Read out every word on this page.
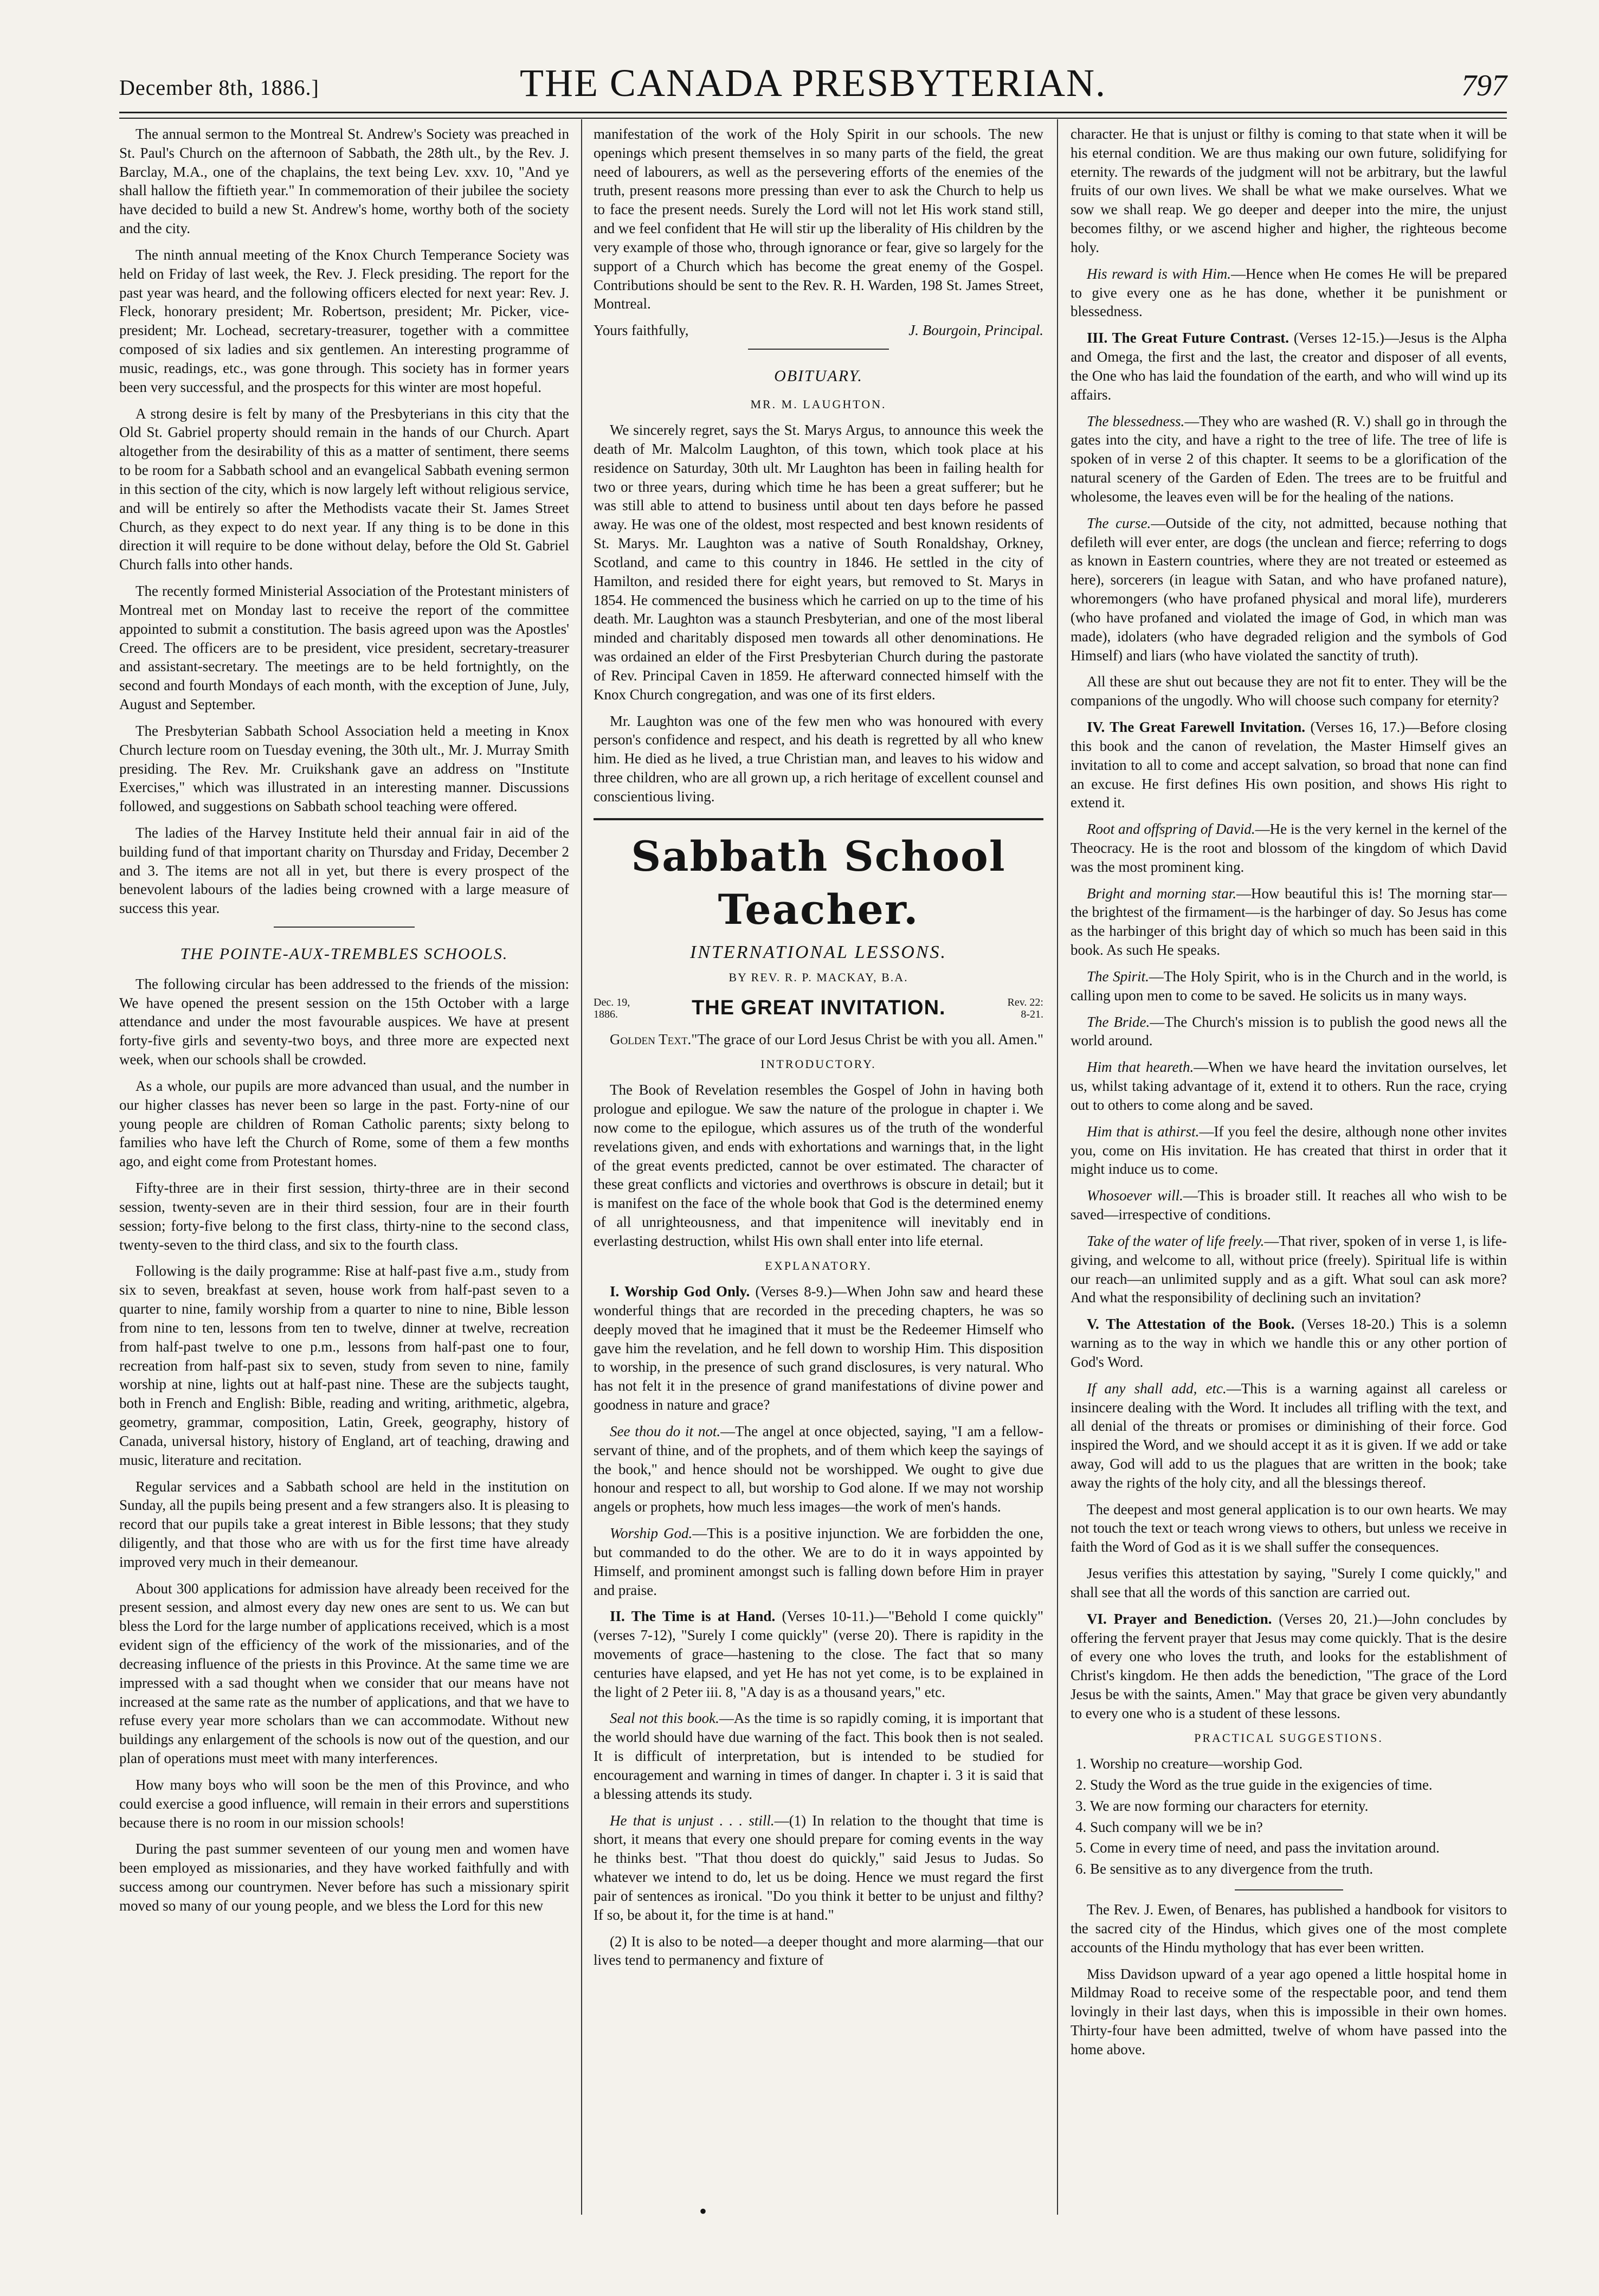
December 8th, 1886.]	THE CANADA PRESBYTERIAN.	797

The annual sermon to the Montreal St. Andrew's Society was preached in St. Paul's Church on the afternoon of Sabbath, the 28th ult., by the Rev. J. Barclay, M.A., one of the chaplains, the text being Lev. xxv. 10, "And ye shall hallow the fiftieth year." In commemoration of their jubilee the society have decided to build a new St. Andrew's home, worthy both of the society and the city.

The ninth annual meeting of the Knox Church Temperance Society was held on Friday of last week, the Rev. J. Fleck presiding. The report for the past year was heard, and the following officers elected for next year: Rev. J. Fleck, honorary president; Mr. Robertson, president; Mr. Picker, vice-president; Mr. Lochead, secretary-treasurer, together with a committee composed of six ladies and six gentlemen. An interesting programme of music, readings, etc., was gone through. This society has in former years been very successful, and the prospects for this winter are most hopeful.

A strong desire is felt by many of the Presbyterians in this city that the Old St. Gabriel property should remain in the hands of our Church. Apart altogether from the desirability of this as a matter of sentiment, there seems to be room for a Sabbath school and an evangelical Sabbath evening sermon in this section of the city, which is now largely left without religious service, and will be entirely so after the Methodists vacate their St. James Street Church, as they expect to do next year. If any thing is to be done in this direction it will require to be done without delay, before the Old St. Gabriel Church falls into other hands.

The recently formed Ministerial Association of the Protestant ministers of Montreal met on Monday last to receive the report of the committee appointed to submit a constitution. The basis agreed upon was the Apostles' Creed. The officers are to be president, vice president, secretary-treasurer and assistant-secretary. The meetings are to be held fortnightly, on the second and fourth Mondays of each month, with the exception of June, July, August and September.

The Presbyterian Sabbath School Association held a meeting in Knox Church lecture room on Tuesday evening, the 30th ult., Mr. J. Murray Smith presiding. The Rev. Mr. Cruikshank gave an address on "Institute Exercises," which was illustrated in an interesting manner. Discussions followed, and suggestions on Sabbath school teaching were offered.

The ladies of the Harvey Institute held their annual fair in aid of the building fund of that important charity on Thursday and Friday, December 2 and 3. The items are not all in yet, but there is every prospect of the benevolent labours of the ladies being crowned with a large measure of success this year.

THE POINTE-AUX-TREMBLES SCHOOLS.

The following circular has been addressed to the friends of the mission: We have opened the present session on the 15th October with a large attendance and under the most favourable auspices. We have at present forty-five girls and seventy-two boys, and three more are expected next week, when our schools shall be crowded.

As a whole, our pupils are more advanced than usual, and the number in our higher classes has never been so large in the past. Forty-nine of our young people are children of Roman Catholic parents; sixty belong to families who have left the Church of Rome, some of them a few months ago, and eight come from Protestant homes.

Fifty-three are in their first session, thirty-three are in their second session, twenty-seven are in their third session, four are in their fourth session; forty-five belong to the first class, thirty-nine to the second class, twenty-seven to the third class, and six to the fourth class.

Following is the daily programme: Rise at half-past five a.m., study from six to seven, breakfast at seven, house work from half-past seven to a quarter to nine, family worship from a quarter to nine to nine, Bible lesson from nine to ten, lessons from ten to twelve, dinner at twelve, recreation from half-past twelve to one p.m., lessons from half-past one to four, recreation from half-past six to seven, study from seven to nine, family worship at nine, lights out at half-past nine. These are the subjects taught, both in French and English: Bible, reading and writing, arithmetic, algebra, geometry, grammar, composition, Latin, Greek, geography, history of Canada, universal history, history of England, art of teaching, drawing and music, literature and recitation.

Regular services and a Sabbath school are held in the institution on Sunday, all the pupils being present and a few strangers also. It is pleasing to record that our pupils take a great interest in Bible lessons; that they study diligently, and that those who are with us for the first time have already improved very much in their demeanour.

About 300 applications for admission have already been received for the present session, and almost every day new ones are sent to us. We can but bless the Lord for the large number of applications received, which is a most evident sign of the efficiency of the work of the missionaries, and of the decreasing influence of the priests in this Province. At the same time we are impressed with a sad thought when we consider that our means have not increased at the same rate as the number of applications, and that we have to refuse every year more scholars than we can accommodate. Without new buildings any enlargement of the schools is now out of the question, and our plan of operations must meet with many interferences.

How many boys who will soon be the men of this Province, and who could exercise a good influence, will remain in their errors and superstitions because there is no room in our mission schools!

During the past summer seventeen of our young men and women have been employed as missionaries, and they have worked faithfully and with success among our countrymen. Never before has such a missionary spirit moved so many of our young people, and we bless the Lord for this new

manifestation of the work of the Holy Spirit in our schools. The new openings which present themselves in so many parts of the field, the great need of labourers, as well as the persevering efforts of the enemies of the truth, present reasons more pressing than ever to ask the Church to help us to face the present needs. Surely the Lord will not let His work stand still, and we feel confident that He will stir up the liberality of His children by the very example of those who, through ignorance or fear, give so largely for the support of a Church which has become the great enemy of the Gospel. Contributions should be sent to the Rev. R. H. Warden, 198 St. James Street, Montreal.

Yours faithfully,	J. Bourgoin, Principal.
OBITUARY.
MR. M. LAUGHTON.

We sincerely regret, says the St. Marys Argus, to announce this week the death of Mr. Malcolm Laughton, of this town, which took place at his residence on Saturday, 30th ult. Mr Laughton has been in failing health for two or three years, during which time he has been a great sufferer; but he was still able to attend to business until about ten days before he passed away. He was one of the oldest, most respected and best known residents of St. Marys. Mr. Laughton was a native of South Ronaldshay, Orkney, Scotland, and came to this country in 1846. He settled in the city of Hamilton, and resided there for eight years, but removed to St. Marys in 1854. He commenced the business which he carried on up to the time of his death. Mr. Laughton was a staunch Presbyterian, and one of the most liberal minded and charitably disposed men towards all other denominations. He was ordained an elder of the First Presbyterian Church during the pastorate of Rev. Principal Caven in 1859. He afterward connected himself with the Knox Church congregation, and was one of its first elders.

Mr. Laughton was one of the few men who was honoured with every person's confidence and respect, and his death is regretted by all who knew him. He died as he lived, a true Christian man, and leaves to his widow and three children, who are all grown up, a rich heritage of excellent counsel and conscientious living.

Sabbath School Teacher.
INTERNATIONAL LESSONS.
BY REV. R. P. MACKAY, B.A.
Dec. 19,
1886.	THE GREAT INVITATION.	Rev. 22:
8-21.

Golden Text."The grace of our Lord Jesus Christ be with you all. Amen."

INTRODUCTORY.

The Book of Revelation resembles the Gospel of John in having both prologue and epilogue. We saw the nature of the prologue in chapter i. We now come to the epilogue, which assures us of the truth of the wonderful revelations given, and ends with exhortations and warnings that, in the light of the great events predicted, cannot be over estimated. The character of these great conflicts and victories and overthrows is obscure in detail; but it is manifest on the face of the whole book that God is the determined enemy of all unrighteousness, and that impenitence will inevitably end in everlasting destruction, whilst His own shall enter into life eternal.

EXPLANATORY.

I. Worship God Only. (Verses 8-9.)—When John saw and heard these wonderful things that are recorded in the preceding chapters, he was so deeply moved that he imagined that it must be the Redeemer Himself who gave him the revelation, and he fell down to worship Him. This disposition to worship, in the presence of such grand disclosures, is very natural. Who has not felt it in the presence of grand manifestations of divine power and goodness in nature and grace?

See thou do it not.—The angel at once objected, saying, "I am a fellow-servant of thine, and of the prophets, and of them which keep the sayings of the book," and hence should not be worshipped. We ought to give due honour and respect to all, but worship to God alone. If we may not worship angels or prophets, how much less images—the work of men's hands.

Worship God.—This is a positive injunction. We are forbidden the one, but commanded to do the other. We are to do it in ways appointed by Himself, and prominent amongst such is falling down before Him in prayer and praise.

II. The Time is at Hand. (Verses 10-11.)—"Behold I come quickly" (verses 7-12), "Surely I come quickly" (verse 20). There is rapidity in the movements of grace—hastening to the close. The fact that so many centuries have elapsed, and yet He has not yet come, is to be explained in the light of 2 Peter iii. 8, "A day is as a thousand years," etc.

Seal not this book.—As the time is so rapidly coming, it is important that the world should have due warning of the fact. This book then is not sealed. It is difficult of interpretation, but is intended to be studied for encouragement and warning in times of danger. In chapter i. 3 it is said that a blessing attends its study.

He that is unjust . . . still.—(1) In relation to the thought that time is short, it means that every one should prepare for coming events in the way he thinks best. "That thou doest do quickly," said Jesus to Judas. So whatever we intend to do, let us be doing. Hence we must regard the first pair of sentences as ironical. "Do you think it better to be unjust and filthy? If so, be about it, for the time is at hand."

(2) It is also to be noted—a deeper thought and more alarming—that our lives tend to permanency and fixture of

character. He that is unjust or filthy is coming to that state when it will be his eternal condition. We are thus making our own future, solidifying for eternity. The rewards of the judgment will not be arbitrary, but the lawful fruits of our own lives. We shall be what we make ourselves. What we sow we shall reap. We go deeper and deeper into the mire, the unjust becomes filthy, or we ascend higher and higher, the righteous become holy.

His reward is with Him.—Hence when He comes He will be prepared to give every one as he has done, whether it be punishment or blessedness.

III. The Great Future Contrast. (Verses 12-15.)—Jesus is the Alpha and Omega, the first and the last, the creator and disposer of all events, the One who has laid the foundation of the earth, and who will wind up its affairs.

The blessedness.—They who are washed (R. V.) shall go in through the gates into the city, and have a right to the tree of life. The tree of life is spoken of in verse 2 of this chapter. It seems to be a glorification of the natural scenery of the Garden of Eden. The trees are to be fruitful and wholesome, the leaves even will be for the healing of the nations.

The curse.—Outside of the city, not admitted, because nothing that defileth will ever enter, are dogs (the unclean and fierce; referring to dogs as known in Eastern countries, where they are not treated or esteemed as here), sorcerers (in league with Satan, and who have profaned nature), whoremongers (who have profaned physical and moral life), murderers (who have profaned and violated the image of God, in which man was made), idolaters (who have degraded religion and the symbols of God Himself) and liars (who have violated the sanctity of truth).

All these are shut out because they are not fit to enter. They will be the companions of the ungodly. Who will choose such company for eternity?

IV. The Great Farewell Invitation. (Verses 16, 17.)—Before closing this book and the canon of revelation, the Master Himself gives an invitation to all to come and accept salvation, so broad that none can find an excuse. He first defines His own position, and shows His right to extend it.

Root and offspring of David.—He is the very kernel in the kernel of the Theocracy. He is the root and blossom of the kingdom of which David was the most prominent king.

Bright and morning star.—How beautiful this is! The morning star—the brightest of the firmament—is the harbinger of day. So Jesus has come as the harbinger of this bright day of which so much has been said in this book. As such He speaks.

The Spirit.—The Holy Spirit, who is in the Church and in the world, is calling upon men to come to be saved. He solicits us in many ways.

The Bride.—The Church's mission is to publish the good news all the world around.

Him that heareth.—When we have heard the invitation ourselves, let us, whilst taking advantage of it, extend it to others. Run the race, crying out to others to come along and be saved.

Him that is athirst.—If you feel the desire, although none other invites you, come on His invitation. He has created that thirst in order that it might induce us to come.

Whosoever will.—This is broader still. It reaches all who wish to be saved—irrespective of conditions.

Take of the water of life freely.—That river, spoken of in verse 1, is life-giving, and welcome to all, without price (freely). Spiritual life is within our reach—an unlimited supply and as a gift. What soul can ask more? And what the responsibility of declining such an invitation?

V. The Attestation of the Book. (Verses 18-20.) This is a solemn warning as to the way in which we handle this or any other portion of God's Word.

If any shall add, etc.—This is a warning against all careless or insincere dealing with the Word. It includes all trifling with the text, and all denial of the threats or promises or diminishing of their force. God inspired the Word, and we should accept it as it is given. If we add or take away, God will add to us the plagues that are written in the book; take away the rights of the holy city, and all the blessings thereof.

The deepest and most general application is to our own hearts. We may not touch the text or teach wrong views to others, but unless we receive in faith the Word of God as it is we shall suffer the consequences.

Jesus verifies this attestation by saying, "Surely I come quickly," and shall see that all the words of this sanction are carried out.

VI. Prayer and Benediction. (Verses 20, 21.)—John concludes by offering the fervent prayer that Jesus may come quickly. That is the desire of every one who loves the truth, and looks for the establishment of Christ's kingdom. He then adds the benediction, "The grace of the Lord Jesus be with the saints, Amen." May that grace be given very abundantly to every one who is a student of these lessons.

PRACTICAL SUGGESTIONS.
1. Worship no creature—worship God.
2. Study the Word as the true guide in the exigencies of time.
3. We are now forming our characters for eternity.
4. Such company will we be in?
5. Come in every time of need, and pass the invitation around.
6. Be sensitive as to any divergence from the truth.

The Rev. J. Ewen, of Benares, has published a handbook for visitors to the sacred city of the Hindus, which gives one of the most complete accounts of the Hindu mythology that has ever been written.

Miss Davidson upward of a year ago opened a little hospital home in Mildmay Road to receive some of the respectable poor, and tend them lovingly in their last days, when this is impossible in their own homes. Thirty-four have been admitted, twelve of whom have passed into the home above.

•
